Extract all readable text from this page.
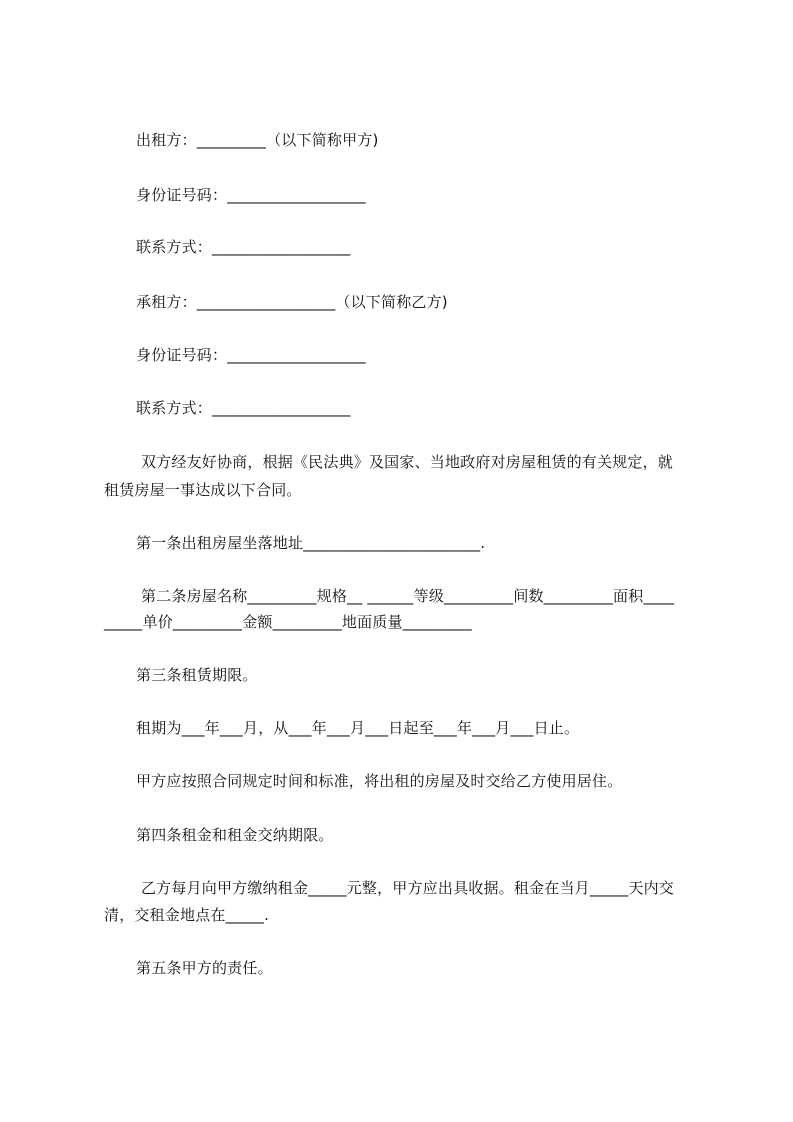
出租方：_________（以下简称甲方)
身份证号码：__________________
联系方式：__________________
承租方：__________________（以下简称乙方)
身份证号码：__________________
联系方式：__________________
双方经友好协商，根据《民法典》及国家、当地政府对房屋租赁的有关规定，就
租赁房屋一事达成以下合同。
第一条出租房屋坐落地址_______________________.
第二条房屋名称_________规格__ ______等级_________间数_________面积____
_____单价_________金额_________地面质量_________
第三条租赁期限。
租期为___年___月，从___年___月___日起至___年___月___日止。
甲方应按照合同规定时间和标准，将出租的房屋及时交给乙方使用居住。
第四条租金和租金交纳期限。
乙方每月向甲方缴纳租金_____元整，甲方应出具收据。租金在当月_____天内交
清，交租金地点在_____.
第五条甲方的责任。
